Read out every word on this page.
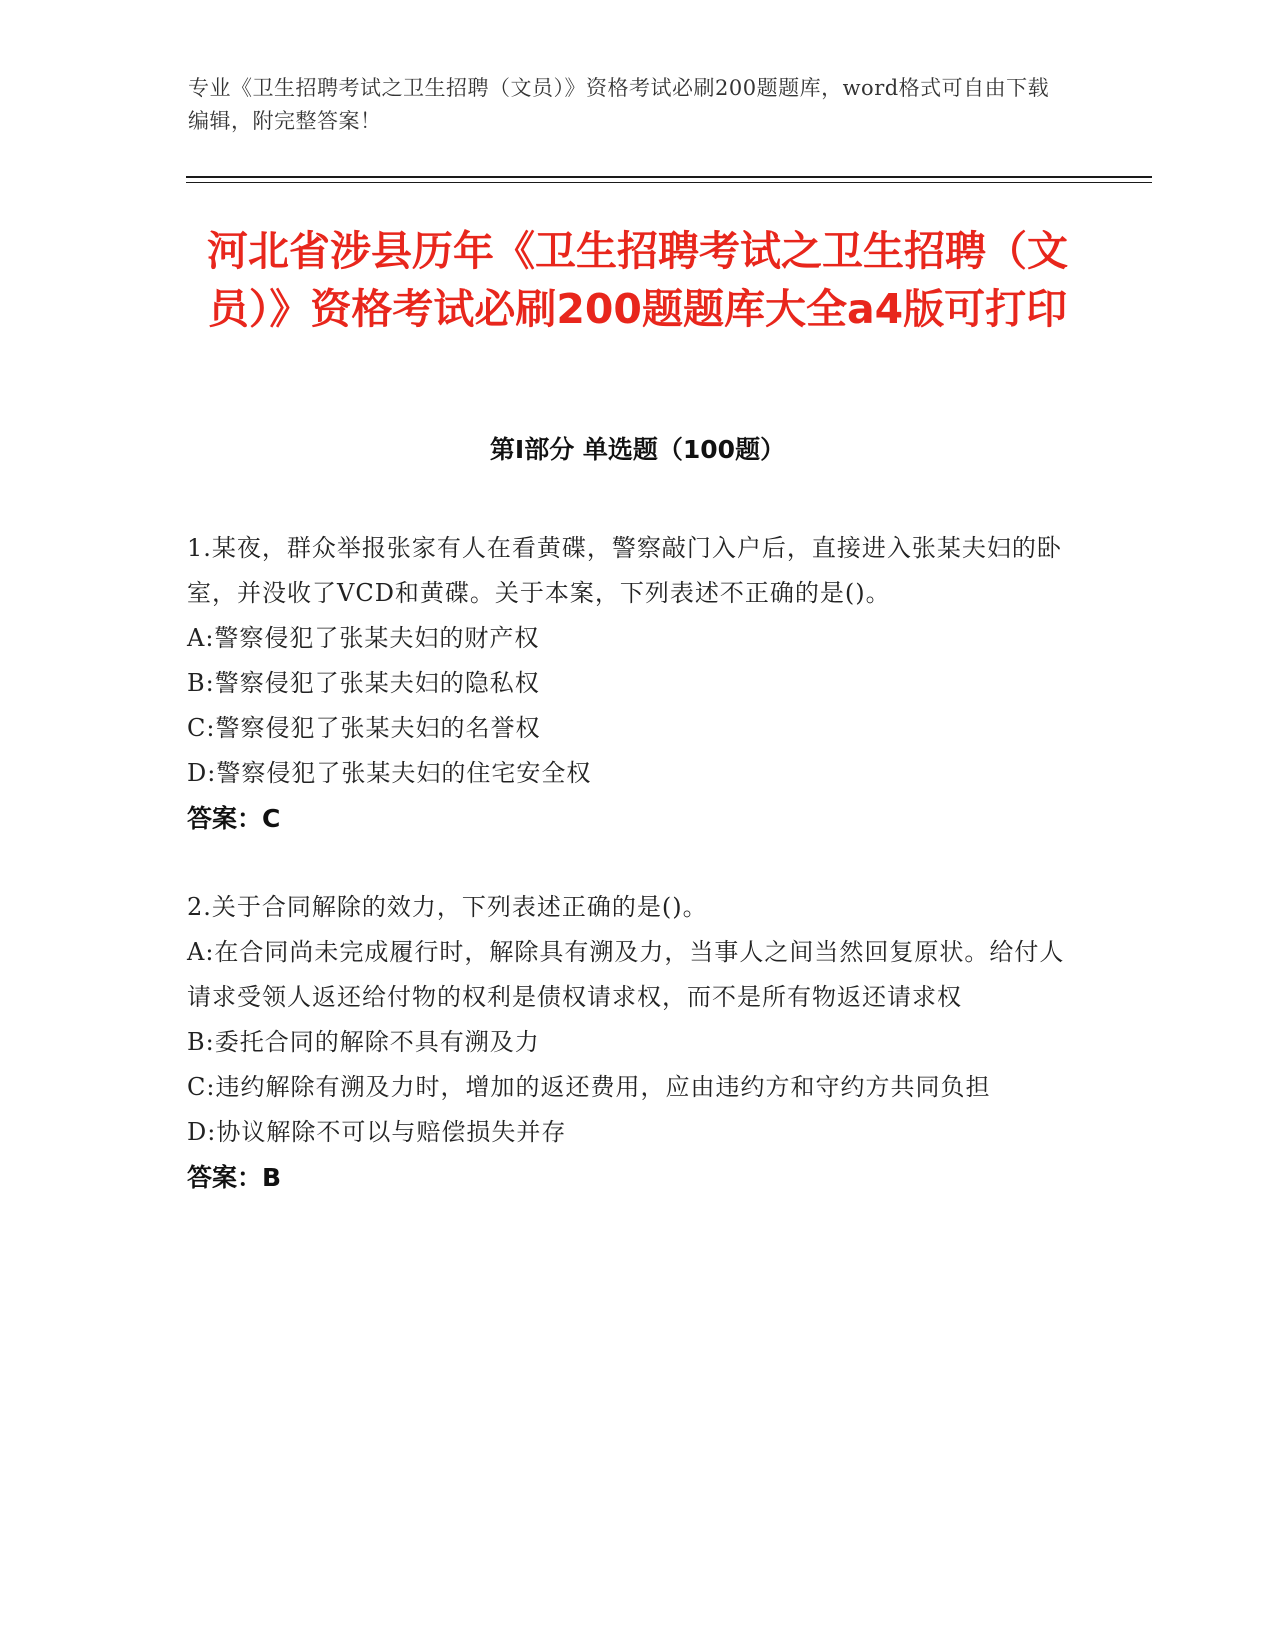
专业《卫生招聘考试之卫生招聘（文员）》资格考试必刷200题题库，word格式可自由下载编辑，附完整答案！
河北省涉县历年《卫生招聘考试之卫生招聘（文员）》资格考试必刷200题题库大全a4版可打印
第Ⅰ部分 单选题（100题）
1.某夜，群众举报张家有人在看黄碟，警察敲门入户后，直接进入张某夫妇的卧室，并没收了VCD和黄碟。关于本案，下列表述不正确的是()。
A:警察侵犯了张某夫妇的财产权
B:警察侵犯了张某夫妇的隐私权
C:警察侵犯了张某夫妇的名誉权
D:警察侵犯了张某夫妇的住宅安全权
答案：C
2.关于合同解除的效力，下列表述正确的是()。
A:在合同尚未完成履行时，解除具有溯及力，当事人之间当然回复原状。给付人请求受领人返还给付物的权利是债权请求权，而不是所有物返还请求权
B:委托合同的解除不具有溯及力
C:违约解除有溯及力时，增加的返还费用，应由违约方和守约方共同负担
D:协议解除不可以与赔偿损失并存
答案：B
